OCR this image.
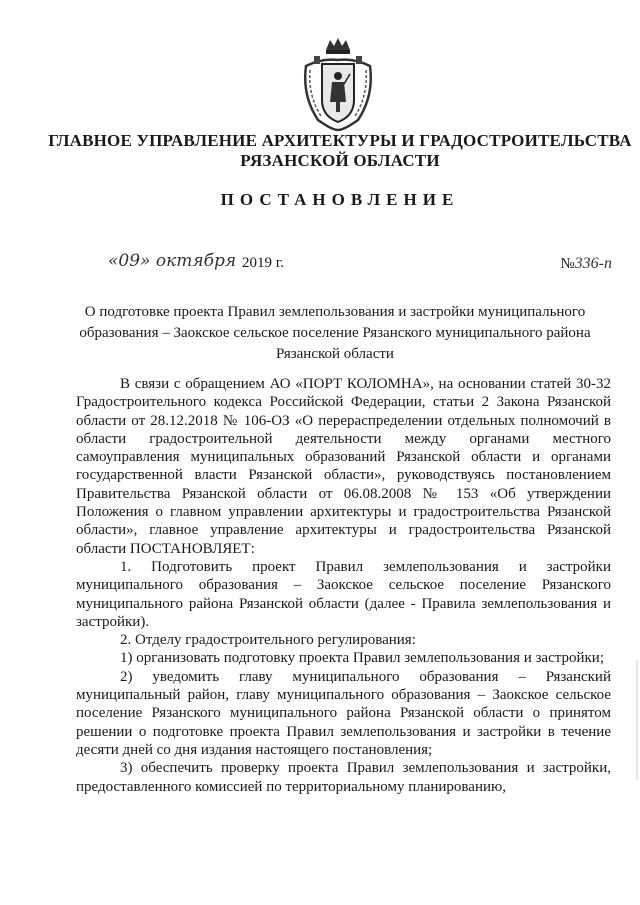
ГЛАВНОЕ УПРАВЛЕНИЕ АРХИТЕКТУРЫ И ГРАДОСТРОИТЕЛЬСТВА
РЯЗАНСКОЙ ОБЛАСТИ
ПОСТАНОВЛЕНИЕ
«09» октября 2019 г.	№336-п
О подготовке проекта Правил землепользования и застройки муниципального образования – Заокское сельское поселение Рязанского муниципального района Рязанской области

В связи с обращением АО «ПОРТ КОЛОМНА», на основании статей 30-32 Градостроительного кодекса Российской Федерации, статьи 2 Закона Рязанской области от 28.12.2018 № 106-ОЗ «О перераспределении отдельных полномочий в области градостроительной деятельности между органами местного самоуправления муниципальных образований Рязанской области и органами государственной власти Рязанской области», руководствуясь постановлением Правительства Рязанской области от 06.08.2008 № 153 «Об утверждении Положения о главном управлении архитектуры и градостроительства Рязанской области», главное управление архитектуры и градостроительства Рязанской области ПОСТАНОВЛЯЕТ:

1. Подготовить проект Правил землепользования и застройки муниципального образования – Заокское сельское поселение Рязанского муниципального района Рязанской области (далее - Правила землепользования и застройки).

2. Отделу градостроительного регулирования:

1) организовать подготовку проекта Правил землепользования и застройки;

2) уведомить главу муниципального образования – Рязанский муниципальный район, главу муниципального образования – Заокское сельское поселение Рязанского муниципального района Рязанской области о принятом решении о подготовке проекта Правил землепользования и застройки в течение десяти дней со дня издания настоящего постановления;

3) обеспечить проверку проекта Правил землепользования и застройки, предоставленного комиссией по территориальному планированию,
